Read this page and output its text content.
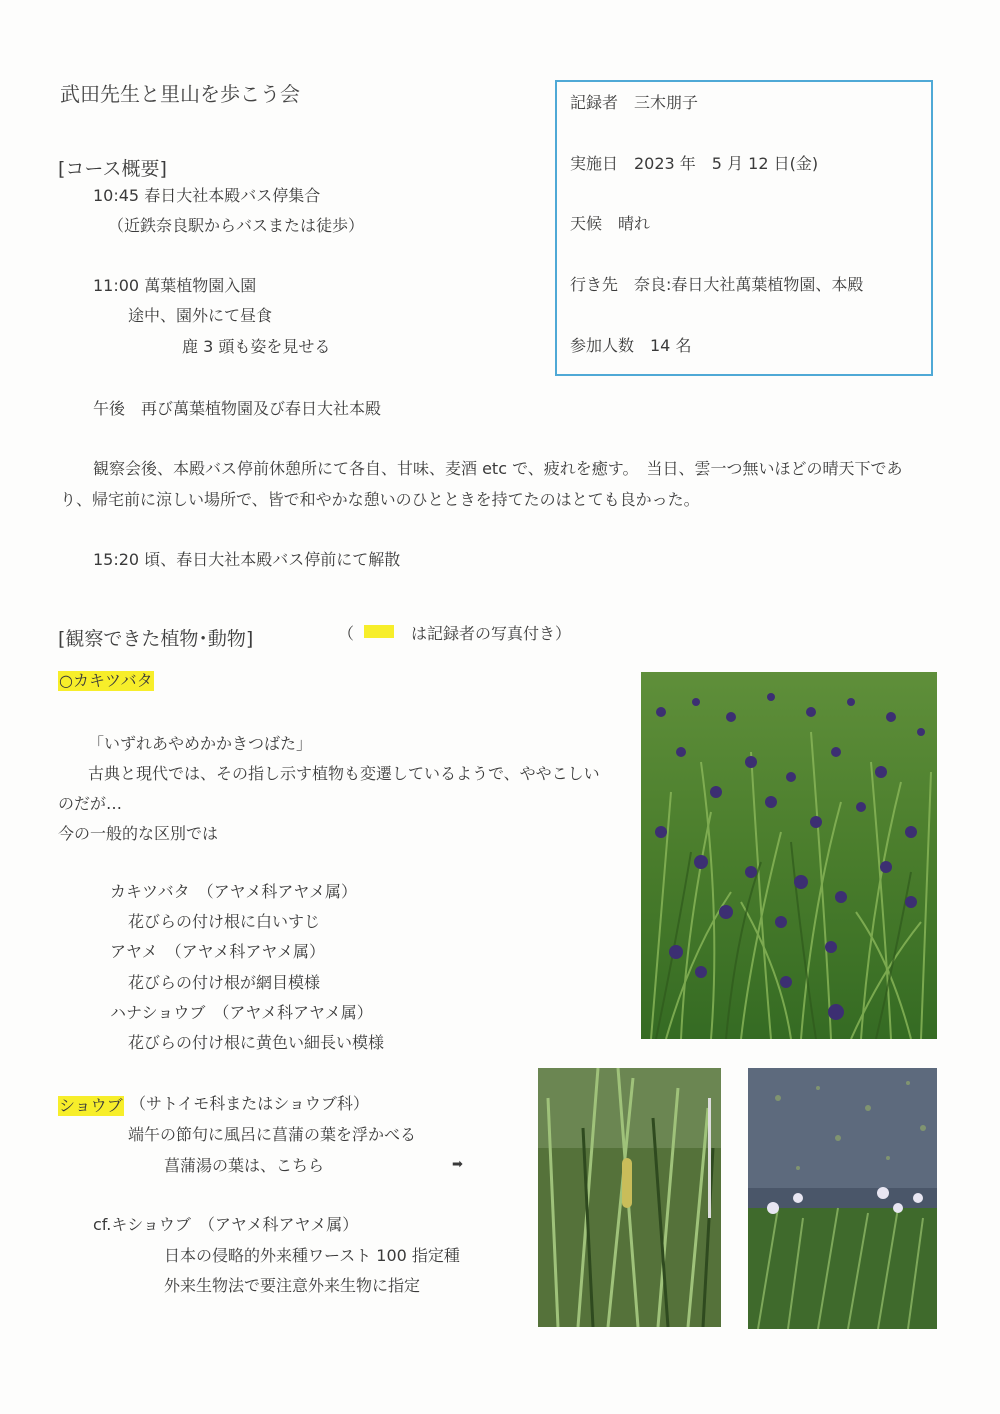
武田先生と里山を歩こう会	記録者　三木朋子
実施日　2023 年　5 月 12 日(金)
天候　晴れ
行き先　奈良:春日大社萬葉植物園、本殿
参加人数　14 名
[コース概要]
10:45 春日大社本殿バス停集合
（近鉄奈良駅からバスまたは徒歩）
11:00 萬葉植物園入園
途中、園外にて昼食
鹿 3 頭も姿を見せる
午後　再び萬葉植物園及び春日大社本殿
観察会後、本殿バス停前休憩所にて各自、甘味、麦酒 etc で、疲れを癒す。　当日、雲一つ無いほどの晴天下であ
り、帰宅前に涼しい場所で、皆で和やかな憩いのひとときを持てたのはとても良かった。
15:20 頃、春日大社本殿バス停前にて解散
[観察できた植物･動物]	（	は記録者の写真付き）
○カキツバタ
「いずれあやめかかきつばた」
古典と現代では、その指し示す植物も変遷しているようで、ややこしい
のだが…
今の一般的な区別では
カキツバタ　（アヤメ科アヤメ属）
花びらの付け根に白いすじ
アヤメ　（アヤメ科アヤメ属）
花びらの付け根が網目模様
ハナショウブ　（アヤメ科アヤメ属）
花びらの付け根に黄色い細長い模様
ショウブ （サトイモ科またはショウブ科）
端午の節句に風呂に菖蒲の葉を浮かべる
菖蒲湯の葉は、こちら	➡
cf.キショウブ　（アヤメ科アヤメ属）
日本の侵略的外来種ワースト 100 指定種
外来生物法で要注意外来生物に指定
